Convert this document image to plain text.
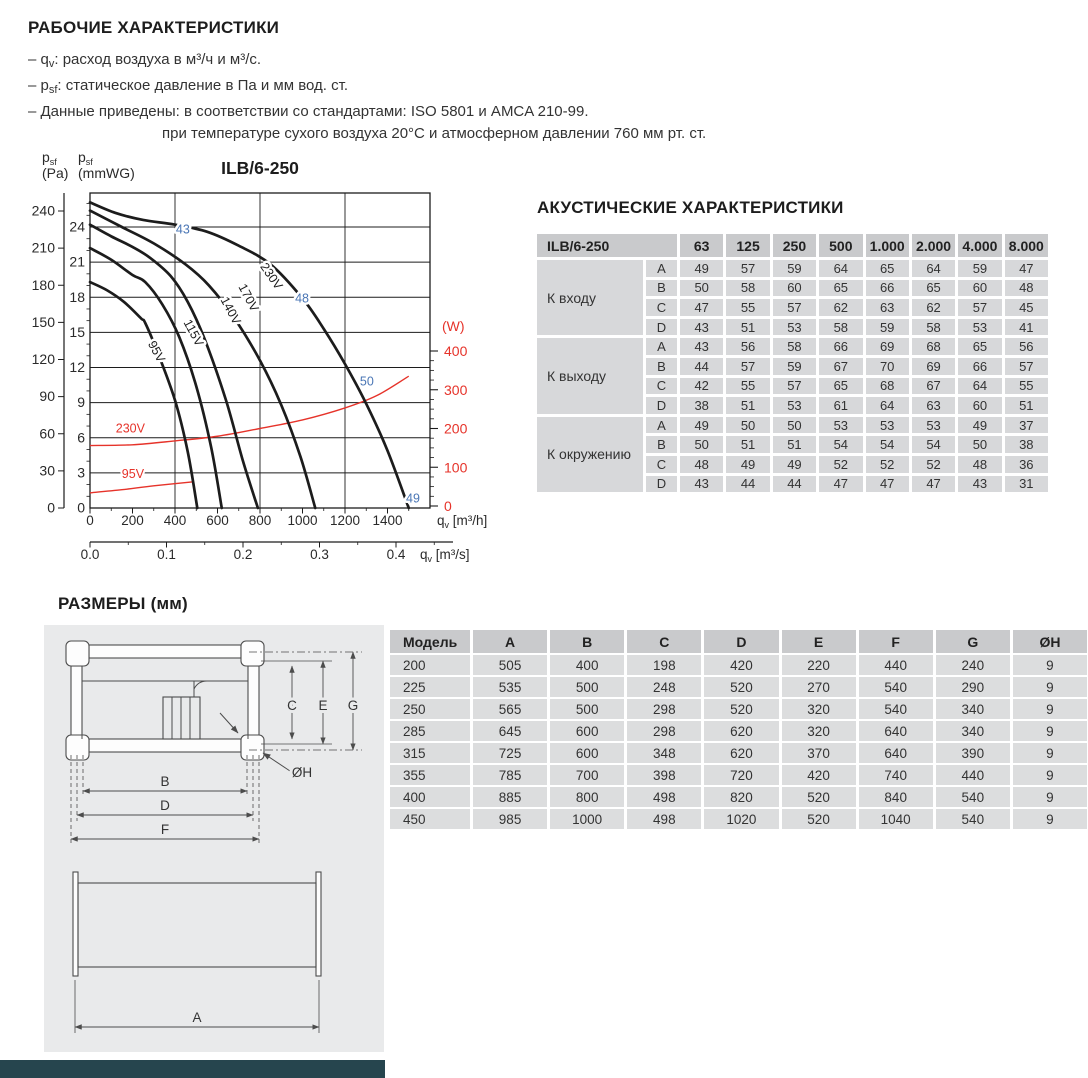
РАБОЧИЕ ХАРАКТЕРИСТИКИ
– $q_v$: расход воздуха в м³/ч и м³/с.
– $p_{sf}$: статическое давление в Па и мм вод. ст.
– Данные приведены: в соответствии со стандартами: ISO 5801 и AMCA 210-99.
при температуре сухого воздуха 20°C и атмосферном давлении 760 мм рт. ст.
0
30
60
90
120
150
180
210
240
0
3
6
9
12
15
18
21
24
0 200 400 600 800 1000 1200 1400	$q_v$ [m³/h]
0.0	0.1	0.2	0.3	0.4 $q_v$ [m³/s]
0
100
200
300
400
(W)
95V
115V
140V
170V
230V
230V
95V
43
48
50
49
ILB/6-250
$p_{sf}$
(Pa)
$p_{sf}$
(mmWG)
АКУСТИЧЕСКИЕ ХАРАКТЕРИСТИКИ
ILB/6-250	63	125	250	500	1.000 2.000 4.000 8.000
К входу
A	49	57	59	64	65	64	59	47
B	50	58	60	65	66	65	60	48
C	47	55	57	62	63	62	57	45
D	43	51	53	58	59	58	53	41
К выходу
A	43	56	58	66	69	68	65	56
B	44	57	59	67	70	69	66	57
C	42	55	57	65	68	67	64	55
D	38	51	53	61	64	63	60	51
К окружению
A	49	50	50	53	53	53	49	37
B	50	51	51	54	54	54	50	38
C	48	49	49	52	52	52	48	36
D	43	44	44	47	47	47	43	31
РАЗМЕРЫ (мм)
ØH
C E G
B
D
F
A
Модель	A	B	C	D	E	F	G	ØH
200	505	400	198	420	220	440	240	9
225	535	500	248	520	270	540	290	9
250	565	500	298	520	320	540	340	9
285	645	600	298	620	320	640	340	9
315	725	600	348	620	370	640	390	9
355	785	700	398	720	420	740	440	9
400	885	800	498	820	520	840	540	9
450	985	1000	498	1020	520	1040	540	9
